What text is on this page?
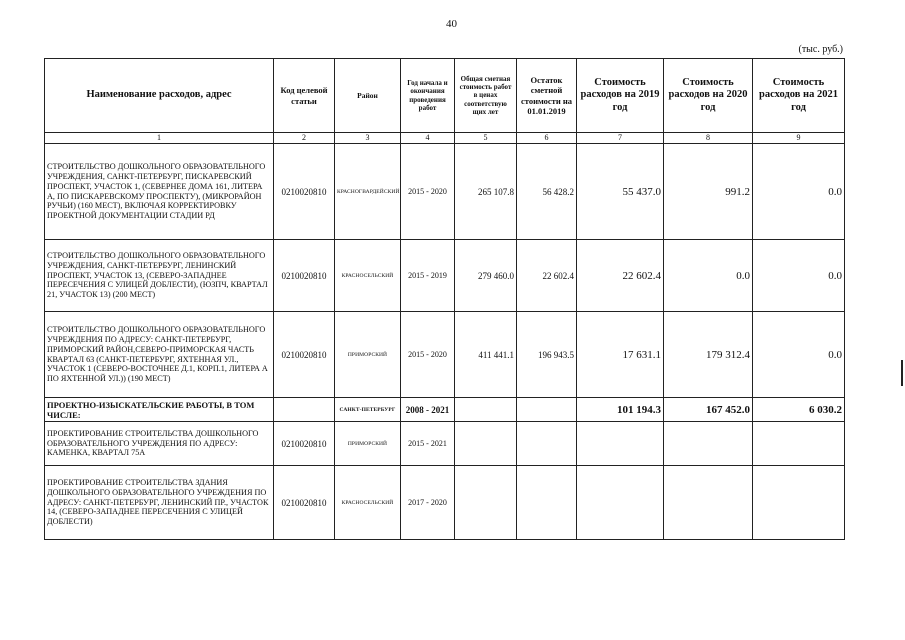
40
(тыс. руб.)
Наименование расходов, адрес	Код целевой статьи	Район	Год начала и окончания проведения работ	Общая сметная стоимость работ в ценах соответствую щих лет	Остаток сметной стоимости на 01.01.2019	Стоимость расходов на 2019 год	Стоимость расходов на 2020 год	Стоимость расходов на 2021 год
1	2	3	4	5	6	7	8	9
СТРОИТЕЛЬСТВО ДОШКОЛЬНОГО ОБРАЗОВАТЕЛЬНОГО УЧРЕЖДЕНИЯ, САНКТ-ПЕТЕРБУРГ, ПИСКАРЕВСКИЙ ПРОСПЕКТ, УЧАСТОК 1, (СЕВЕРНЕЕ ДОМА 161, ЛИТЕРА А, ПО ПИСКАРЕВСКОМУ ПРОСПЕКТУ), (МИКРОРАЙОН РУЧЬИ) (160 МЕСТ), ВКЛЮЧАЯ КОРРЕКТИРОВКУ ПРОЕКТНОЙ ДОКУМЕНТАЦИИ СТАДИИ РД	0210020810	КРАСНОГВАРДЕЙСКИЙ	2015 - 2020	265 107.8	56 428.2	55 437.0	991.2	0.0
СТРОИТЕЛЬСТВО ДОШКОЛЬНОГО ОБРАЗОВАТЕЛЬНОГО УЧРЕЖДЕНИЯ, САНКТ-ПЕТЕРБУРГ, ЛЕНИНСКИЙ ПРОСПЕКТ, УЧАСТОК 13, (СЕВЕРО-ЗАПАДНЕЕ ПЕРЕСЕЧЕНИЯ С УЛИЦЕЙ ДОБЛЕСТИ), (ЮЗПЧ, КВАРТАЛ 21, УЧАСТОК 13) (200 МЕСТ)	0210020810	КРАСНОСЕЛЬСКИЙ	2015 - 2019	279 460.0	22 602.4	22 602.4	0.0	0.0
СТРОИТЕЛЬСТВО ДОШКОЛЬНОГО ОБРАЗОВАТЕЛЬНОГО УЧРЕЖДЕНИЯ ПО АДРЕСУ: САНКТ-ПЕТЕРБУРГ, ПРИМОРСКИЙ РАЙОН,СЕВЕРО-ПРИМОРСКАЯ ЧАСТЬ КВАРТАЛ 63 (САНКТ-ПЕТЕРБУРГ, ЯХТЕННАЯ УЛ., УЧАСТОК 1 (СЕВЕРО-ВОСТОЧНЕЕ Д.1, КОРП.1, ЛИТЕРА А ПО ЯХТЕННОЙ УЛ.)) (190 МЕСТ)	0210020810	ПРИМОРСКИЙ	2015 - 2020	411 441.1	196 943.5	17 631.1	179 312.4	0.0
ПРОЕКТНО-ИЗЫСКАТЕЛЬСКИЕ РАБОТЫ, В ТОМ ЧИСЛЕ:		САНКТ-ПЕТЕРБУРГ	2008 - 2021			101 194.3	167 452.0	6 030.2
ПРОЕКТИРОВАНИЕ СТРОИТЕЛЬСТВА ДОШКОЛЬНОГО ОБРАЗОВАТЕЛЬНОГО УЧРЕЖДЕНИЯ ПО АДРЕСУ: КАМЕНКА, КВАРТАЛ 75А	0210020810	ПРИМОРСКИЙ	2015 - 2021					
ПРОЕКТИРОВАНИЕ СТРОИТЕЛЬСТВА ЗДАНИЯ ДОШКОЛЬНОГО ОБРАЗОВАТЕЛЬНОГО УЧРЕЖДЕНИЯ ПО АДРЕСУ: САНКТ-ПЕТЕРБУРГ, ЛЕНИНСКИЙ ПР., УЧАСТОК 14, (СЕВЕРО-ЗАПАДНЕЕ ПЕРЕСЕЧЕНИЯ С УЛИЦЕЙ ДОБЛЕСТИ)	0210020810	КРАСНОСЕЛЬСКИЙ	2017 - 2020					
